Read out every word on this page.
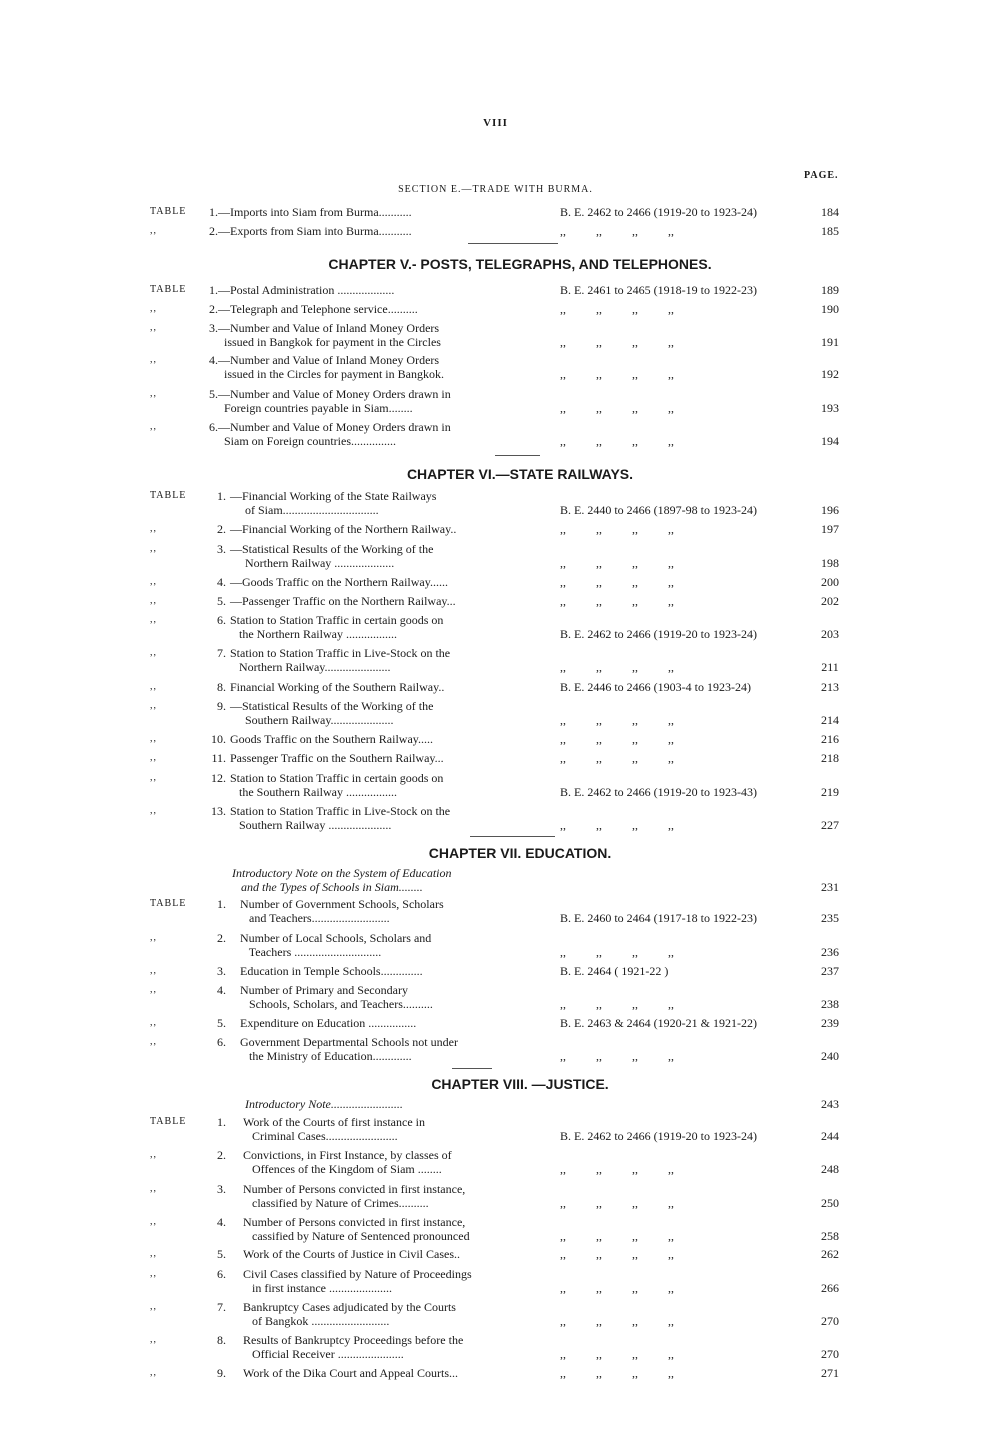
VIII
PAGE.
SECTION E.—TRADE WITH BURMA.
TABLE	1.—Imports into Siam from Burma...........	B. E. 2462 to 2466 (1919-20 to 1923-24)	184
,,	2.—Exports from Siam into Burma...........	,,          ,,          ,,          ,,	185
CHAPTER V.- POSTS, TELEGRAPHS, AND TELEPHONES.
TABLE	1.—Postal Administration ...................	B. E. 2461 to 2465 (1918-19 to 1922-23)	189
,,	2.—Telegraph and Telephone service..........	,,          ,,          ,,          ,,	190
,,	3.—Number and Value of Inland Money Orders
issued in Bangkok for payment in the Circles	,,          ,,          ,,          ,,	191
,,	4.—Number and Value of Inland Money Orders
issued in the Circles for payment in Bangkok.	,,          ,,          ,,          ,,	192
,,	5.—Number and Value of Money Orders drawn in
Foreign countries payable in Siam........	,,          ,,          ,,          ,,	193
,,	6.—Number and Value of Money Orders drawn in
Siam on Foreign countries...............	,,          ,,          ,,          ,,	194
CHAPTER VI.—STATE RAILWAYS.
TABLE	1. —Financial Working of the State Railways
of Siam................................	B. E. 2440 to 2466 (1897-98 to 1923-24)	196
,,	2. —Financial Working of the Northern Railway..	,,          ,,          ,,          ,,	197
,,	3. —Statistical Results of the Working of the
Northern Railway ....................	,,          ,,          ,,          ,,	198
,,	4. —Goods Traffic on the Northern Railway......	,,          ,,          ,,          ,,	200
,,	5. —Passenger Traffic on the Northern Railway...	,,          ,,          ,,          ,,	202
,,	6. Station to Station Traffic in certain goods on
the Northern Railway .................	B. E. 2462 to 2466 (1919-20 to 1923-24)	203
,,	7. Station to Station Traffic in Live-Stock on the
Northern Railway......................	,,          ,,          ,,          ,,	211
,,	8. Financial Working of the Southern Railway..	B. E. 2446 to 2466 (1903-4 to 1923-24)	213
,,	9. —Statistical Results of the Working of the
Southern Railway.....................	,,          ,,          ,,          ,,	214
,,	10. Goods Traffic on the Southern Railway.....	,,          ,,          ,,          ,,	216
,,	11. Passenger Traffic on the Southern Railway...	,,          ,,          ,,          ,,	218
,,	12. Station to Station Traffic in certain goods on
the Southern Railway .................	B. E. 2462 to 2466 (1919-20 to 1923-43)	219
,,	13. Station to Station Traffic in Live-Stock on the
Southern Railway .....................	,,          ,,          ,,          ,,	227
CHAPTER VII. EDUCATION.
Introductory Note on the System of Education
and the Types of Schools in Siam........	231
TABLE	1. Number of Government Schools, Scholars
and Teachers..........................	B. E. 2460 to 2464 (1917-18 to 1922-23)	235
,,	2. Number of Local Schools, Scholars and
Teachers .............................	,,          ,,          ,,          ,,	236
,,	3. Education in Temple Schools..............	B. E. 2464 ( 1921-22 )	237
,,	4. Number of Primary and Secondary
Schools, Scholars, and Teachers..........	,,          ,,          ,,          ,,	238
,,	5. Expenditure on Education ................	B. E. 2463 & 2464 (1920-21 & 1921-22)	239
,,	6. Government Departmental Schools not under
the Ministry of Education.............	,,          ,,          ,,          ,,	240
CHAPTER VIII. —JUSTICE.
Introductory Note........................	243
TABLE	1. Work of the Courts of first instance in
Criminal Cases........................	B. E. 2462 to 2466 (1919-20 to 1923-24)	244
,,	2. Convictions, in First Instance, by classes of
Offences of the Kingdom of Siam ........	,,          ,,          ,,          ,,	248
,,	3. Number of Persons convicted in first instance,
classified by Nature of Crimes..........	,,          ,,          ,,          ,,	250
,,	4. Number of Persons convicted in first instance,
cassified by Nature of Sentenced pronounced	,,          ,,          ,,          ,,	258
,,	5. Work of the Courts of Justice in Civil Cases..	,,          ,,          ,,          ,,	262
,,	6. Civil Cases classified by Nature of Proceedings
in first instance .....................	,,          ,,          ,,          ,,	266
,,	7. Bankruptcy Cases adjudicated by the Courts
of Bangkok ..........................	,,          ,,          ,,          ,,	270
,,	8. Results of Bankruptcy Proceedings before the
Official Receiver ......................	,,          ,,          ,,          ,,	270
,,	9. Work of the Dika Court and Appeal Courts...	,,          ,,          ,,          ,,	271
